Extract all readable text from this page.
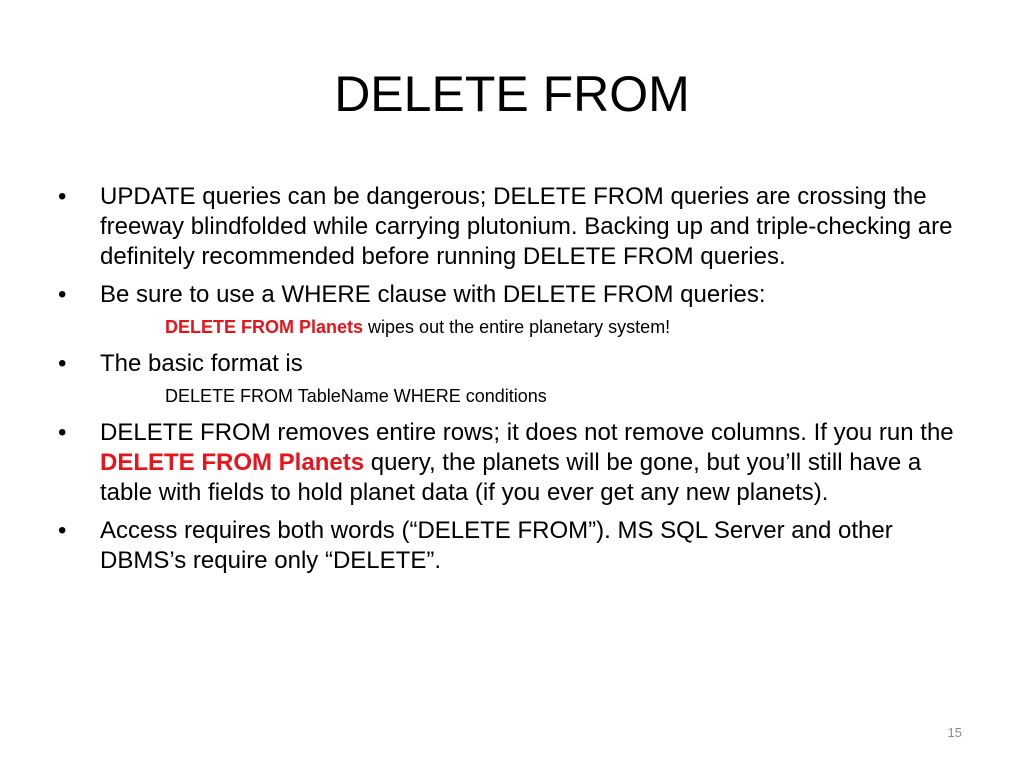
DELETE FROM
•	UPDATE queries can be dangerous; DELETE FROM queries are crossing the freeway blindfolded while carrying plutonium. Backing up and triple-checking are definitely recommended before running DELETE FROM queries.
•	Be sure to use a WHERE clause with DELETE FROM queries:
DELETE FROM Planets wipes out the entire planetary system!
•	The basic format is
DELETE FROM TableName WHERE conditions
•	DELETE FROM removes entire rows; it does not remove columns. If you run the DELETE FROM Planets query, the planets will be gone, but you’ll still have a table with fields to hold planet data (if you ever get any new planets).
•	Access requires both words (“DELETE FROM”). MS SQL Server and other DBMS’s require only “DELETE”.
15
